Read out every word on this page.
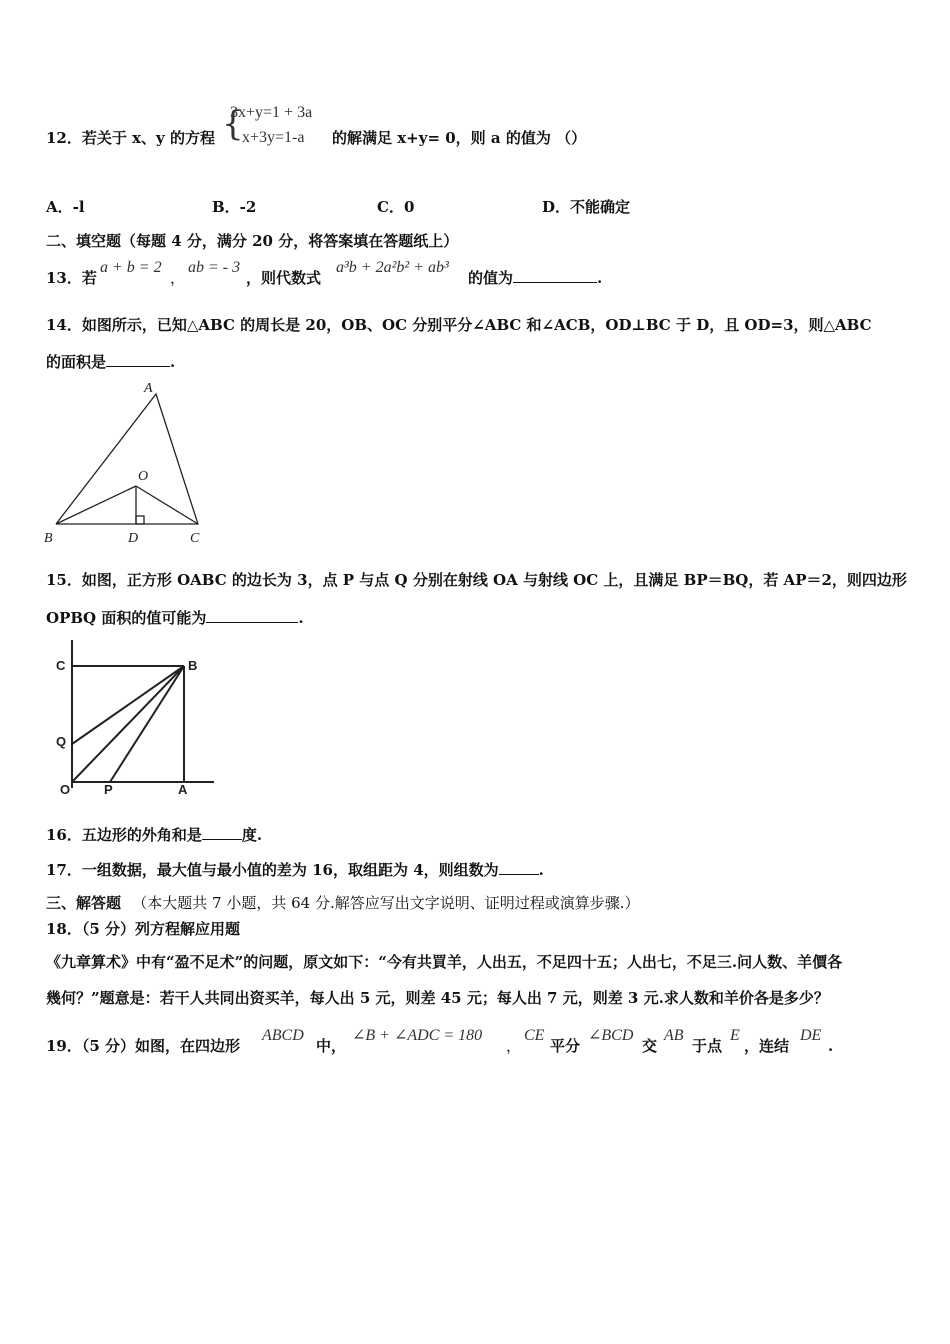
12．若关于 x、y 的方程 {
3x+y=1 + 3a
x+3y=1-a 的解满足 x+y= 0，则 a 的值为 （）
A．-l	B．-2	C．0	D．不能确定
二、填空题（每题 4 分，满分 20 分，将答案填在答题纸上）
13．若
a + b = 2
，
ab = - 3
，则代数式
a³b + 2a²b² + ab³
的值为	.
14．如图所示，已知△ABC 的周长是 20，OB、OC 分别平分∠ABC 和∠ACB，OD⊥BC 于 D，且 OD=3，则△ABC
的面积是	.
A
O
B	D	C
15．如图，正方形 OABC 的边长为 3，点 P 与点 Q 分别在射线 OA 与射线 OC 上，且满足 BP＝BQ，若 AP＝2，则四边形
OPBQ 面积的值可能为	.
C	B
Q
O	P	A
16．五边形的外角和是	度.
17．一组数据，最大值与最小值的差为 16，取组距为 4，则组数为	.
三、解答题 （本大题共 7 小题，共 64 分.解答应写出文字说明、证明过程或演算步骤.）
18．（5 分）列方程解应用题
《九章算术》中有“盈不足术”的问题，原文如下：“今有共買羊，人出五，不足四十五；人出七，不足三.问人数、羊價各
幾何？”题意是：若干人共同出资买羊，每人出 5 元，则差 45 元；每人出 7 元，则差 3 元.求人数和羊价各是多少？
19．（5 分）如图，在四边形
ABCD
中，
∠B + ∠ADC = 180
，
CE
平分
∠BCD
交
AB
于点
E
，连结
DE
.
